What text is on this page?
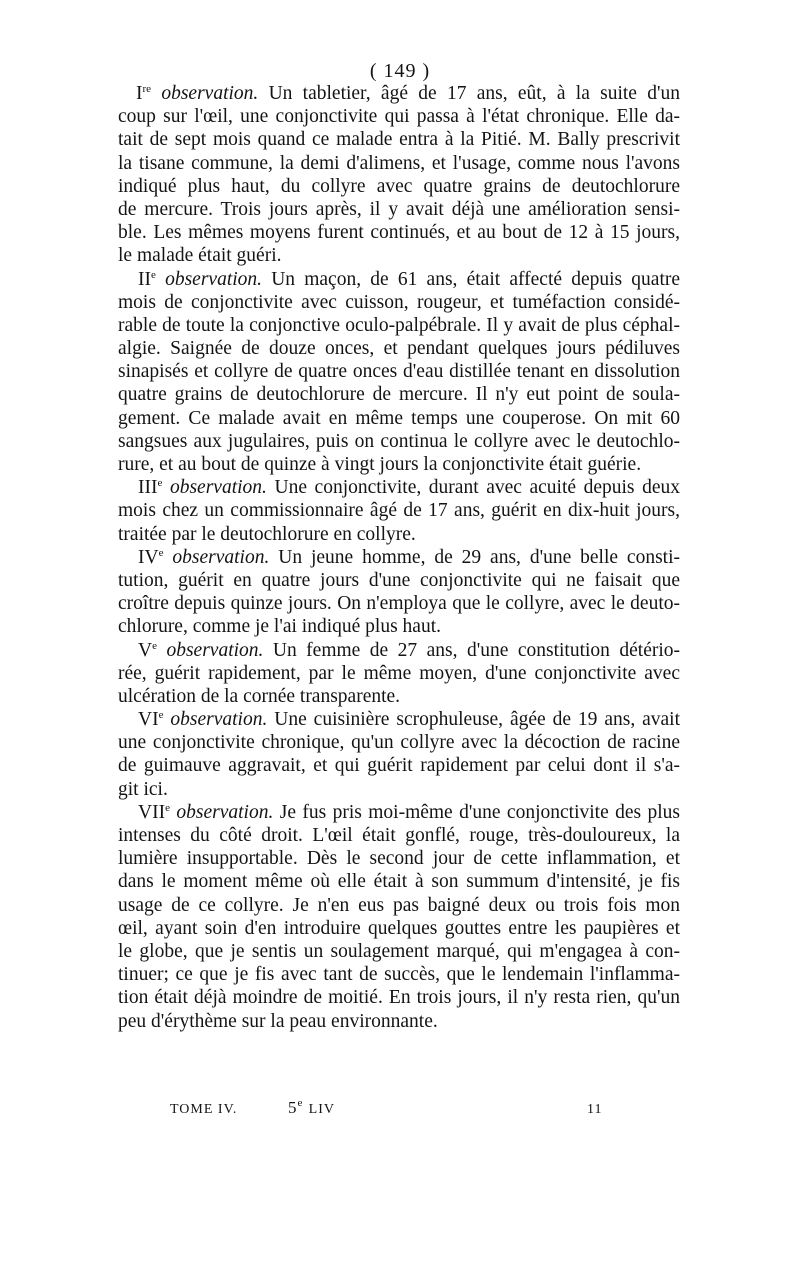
( 149 )
Ire observation. Un tabletier, âgé de 17 ans, eût, à la suite d'un
coup sur l'œil, une conjonctivite qui passa à l'état chronique. Elle da-
tait de sept mois quand ce malade entra à la Pitié. M. Bally prescrivit
la tisane commune, la demi d'alimens, et l'usage, comme nous l'avons
indiqué plus haut, du collyre avec quatre grains de deutochlorure
de mercure. Trois jours après, il y avait déjà une amélioration sensi-
ble. Les mêmes moyens furent continués, et au bout de 12 à 15 jours,
le malade était guéri.
IIe observation. Un maçon, de 61 ans, était affecté depuis quatre
mois de conjonctivite avec cuisson, rougeur, et tuméfaction considé-
rable de toute la conjonctive oculo-palpébrale. Il y avait de plus céphal-
algie. Saignée de douze onces, et pendant quelques jours pédiluves
sinapisés et collyre de quatre onces d'eau distillée tenant en dissolution
quatre grains de deutochlorure de mercure. Il n'y eut point de soula-
gement. Ce malade avait en même temps une couperose. On mit 60
sangsues aux jugulaires, puis on continua le collyre avec le deutochlo-
rure, et au bout de quinze à vingt jours la conjonctivite était guérie.
IIIe observation. Une conjonctivite, durant avec acuité depuis deux
mois chez un commissionnaire âgé de 17 ans, guérit en dix-huit jours,
traitée par le deutochlorure en collyre.
IVe observation. Un jeune homme, de 29 ans, d'une belle consti-
tution, guérit en quatre jours d'une conjonctivite qui ne faisait que
croître depuis quinze jours. On n'employa que le collyre, avec le deuto-
chlorure, comme je l'ai indiqué plus haut.
Ve observation. Un femme de 27 ans, d'une constitution détério-
rée, guérit rapidement, par le même moyen, d'une conjonctivite avec
ulcération de la cornée transparente.
VIe observation. Une cuisinière scrophuleuse, âgée de 19 ans, avait
une conjonctivite chronique, qu'un collyre avec la décoction de racine
de guimauve aggravait, et qui guérit rapidement par celui dont il s'a-
git ici.
VIIe observation. Je fus pris moi-même d'une conjonctivite des plus
intenses du côté droit. L'œil était gonflé, rouge, très-douloureux, la
lumière insupportable. Dès le second jour de cette inflammation, et
dans le moment même où elle était à son summum d'intensité, je fis
usage de ce collyre. Je n'en eus pas baigné deux ou trois fois mon
œil, ayant soin d'en introduire quelques gouttes entre les paupières et
le globe, que je sentis un soulagement marqué, qui m'engagea à con-
tinuer; ce que je fis avec tant de succès, que le lendemain l'inflamma-
tion était déjà moindre de moitié. En trois jours, il n'y resta rien, qu'un
peu d'érythème sur la peau environnante.
TOME IV.	5e LIV	11
